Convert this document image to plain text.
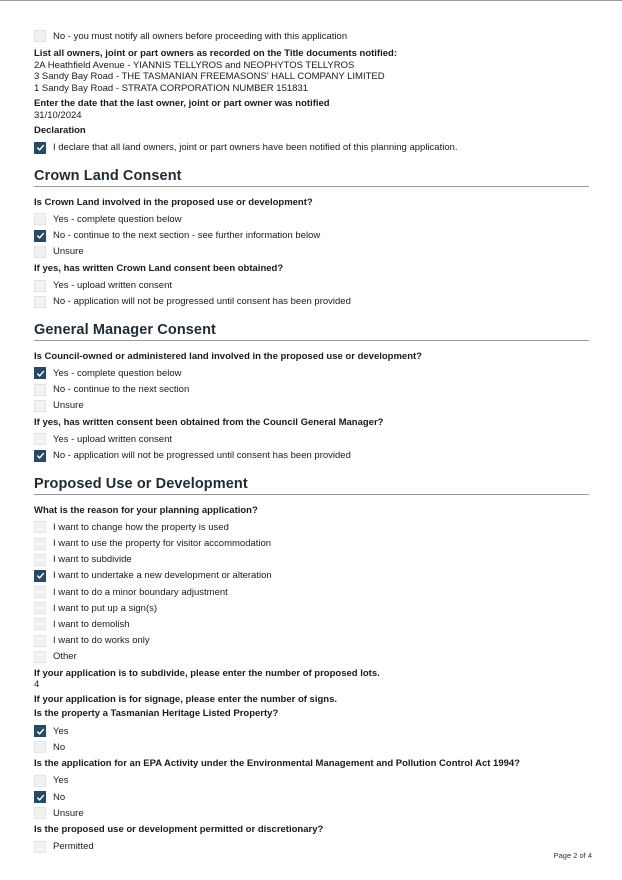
No - you must notify all owners before proceeding with this application
List all owners, joint or part owners as recorded on the Title documents notified:
2A Heathfield Avenue - YIANNIS TELLYROS and NEOPHYTOS TELLYROS
3 Sandy Bay Road - THE TASMANIAN FREEMASONS' HALL COMPANY LIMITED
1 Sandy Bay Road - STRATA CORPORATION NUMBER 151831
Enter the date that the last owner, joint or part owner was notified
31/10/2024
Declaration
I declare that all land owners, joint or part owners have been notified of this planning application.
Crown Land Consent
Is Crown Land involved in the proposed use or development?
Yes - complete question below
No - continue to the next section - see further information below
Unsure
If yes, has written Crown Land consent been obtained?
Yes - upload written consent
No - application will not be progressed until consent has been provided
General Manager Consent
Is Council-owned or administered land involved in the proposed use or development?
Yes - complete question below
No - continue to the next section
Unsure
If yes, has written consent been obtained from the Council General Manager?
Yes - upload written consent
No - application will not be progressed until consent has been provided
Proposed Use or Development
What is the reason for your planning application?
I want to change how the property is used
I want to use the property for visitor accommodation
I want to subdivide
I want to undertake a new development or alteration
I want to do a minor boundary adjustment
I want to put up a sign(s)
I want to demolish
I want to do works only
Other
If your application is to subdivide, please enter the number of proposed lots.
4
If your application is for signage, please enter the number of signs.
Is the property a Tasmanian Heritage Listed Property?
Yes
No
Is the application for an EPA Activity under the Environmental Management and Pollution Control Act 1994?
Yes
No
Unsure
Is the proposed use or development permitted or discretionary?
Permitted
Page 2 of 4
